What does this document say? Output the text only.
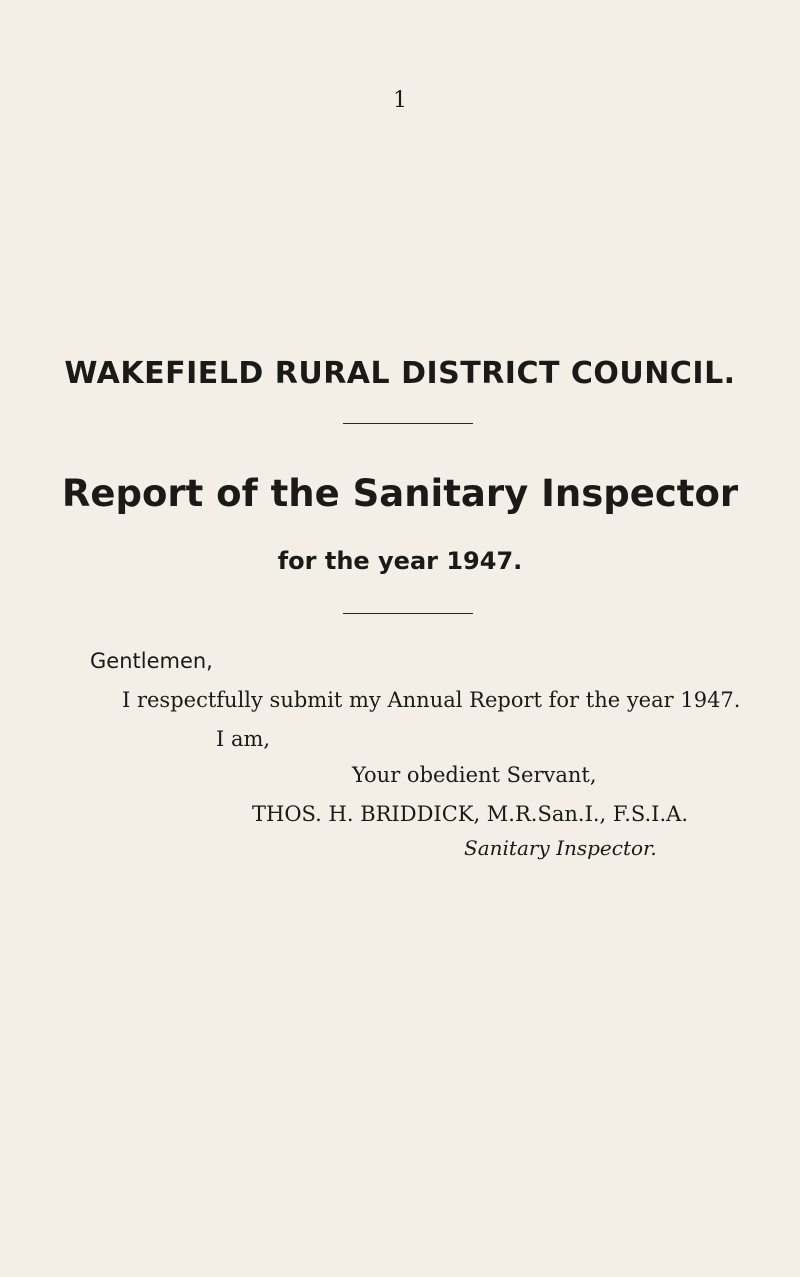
1
WAKEFIELD RURAL DISTRICT COUNCIL.
Report of the Sanitary Inspector
for the year 1947.
Gentlemen,
I respectfully submit my Annual Report for the year 1947.
I am,
Your obedient Servant,
THOS. H. BRIDDICK, M.R.San.I., F.S.I.A.
Sanitary Inspector.
